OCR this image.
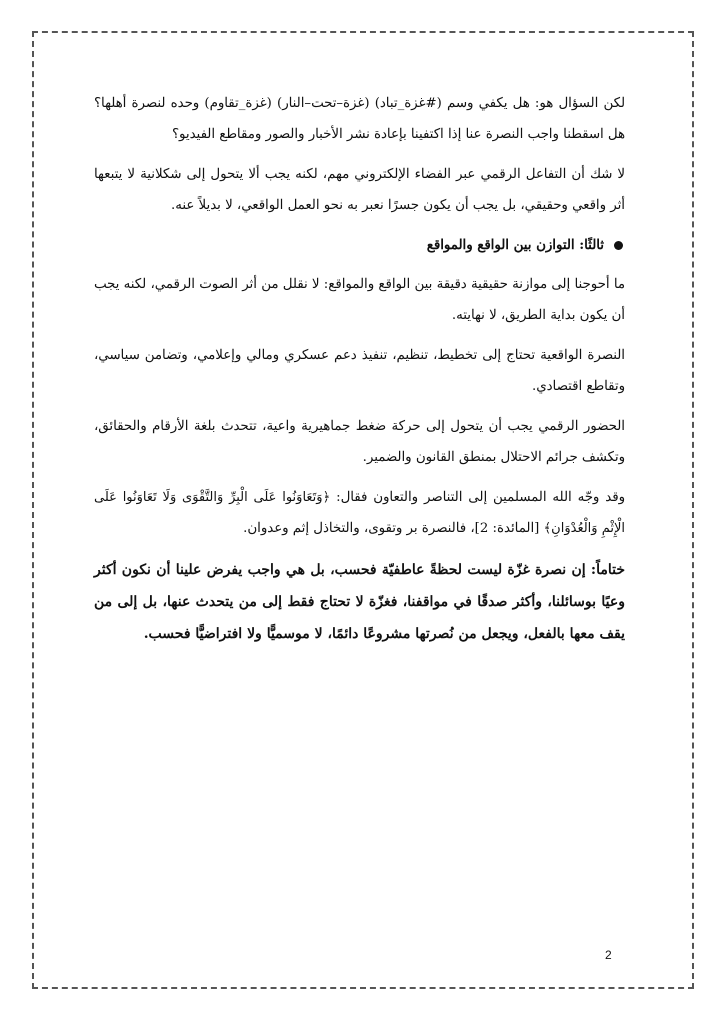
لكن السؤال هو: هل يكفي وسم (#غزة_تباد) (غزة–تحت–النار) (غزة_تقاوم) وحده لنصرة أهلها؟ هل اسقطنا واجب النصرة عنا إذا اكتفينا بإعادة نشر الأخبار والصور ومقاطع الفيديو؟

لا شك أن التفاعل الرقمي عبر الفضاء الإلكتروني مهم، لكنه يجب ألا يتحول إلى شكلانية لا يتبعها أثر واقعي وحقيقي، بل يجب أن يكون جسرًا نعبر به نحو العمل الواقعي، لا بديلاً عنه.

ثالثًا: التوازن بين الواقع والمواقع

ما أحوجنا إلى موازنة حقيقية دقيقة بين الواقع والمواقع: لا نقلل من أثر الصوت الرقمي، لكنه يجب أن يكون بداية الطريق، لا نهايته.

النصرة الواقعية تحتاج إلى تخطيط، تنظيم، تنفيذ دعم عسكري ومالي وإعلامي، وتضامن سياسي، وتقاطع اقتصادي.

الحضور الرقمي يجب أن يتحول إلى حركة ضغط جماهيرية واعية، تتحدث بلغة الأرقام والحقائق، وتكشف جرائم الاحتلال بمنطق القانون والضمير.

وقد وجّه الله المسلمين إلى التناصر والتعاون فقال: ﴿وَتَعَاوَنُوا عَلَى الْبِرِّ وَالتَّقْوَى وَلَا تَعَاوَنُوا عَلَى الْإِثْمِ وَالْعُدْوَانِ﴾ [المائدة: 2]، فالنصرة بر وتقوى، والتخاذل إثم وعدوان.

ختاماً: إن نصرة غزّة ليست لحظةً عاطفيّة فحسب، بل هي واجب يفرض علينا أن نكون أكثر وعيًا بوسائلنا، وأكثر صدقًا في مواقفنا، فغزّة لا تحتاج فقط إلى من يتحدث عنها، بل إلى من يقف معها بالفعل، ويجعل من نُصرتها مشروعًا دائمًا، لا موسميًّا ولا افتراضيًّا فحسب.

2
